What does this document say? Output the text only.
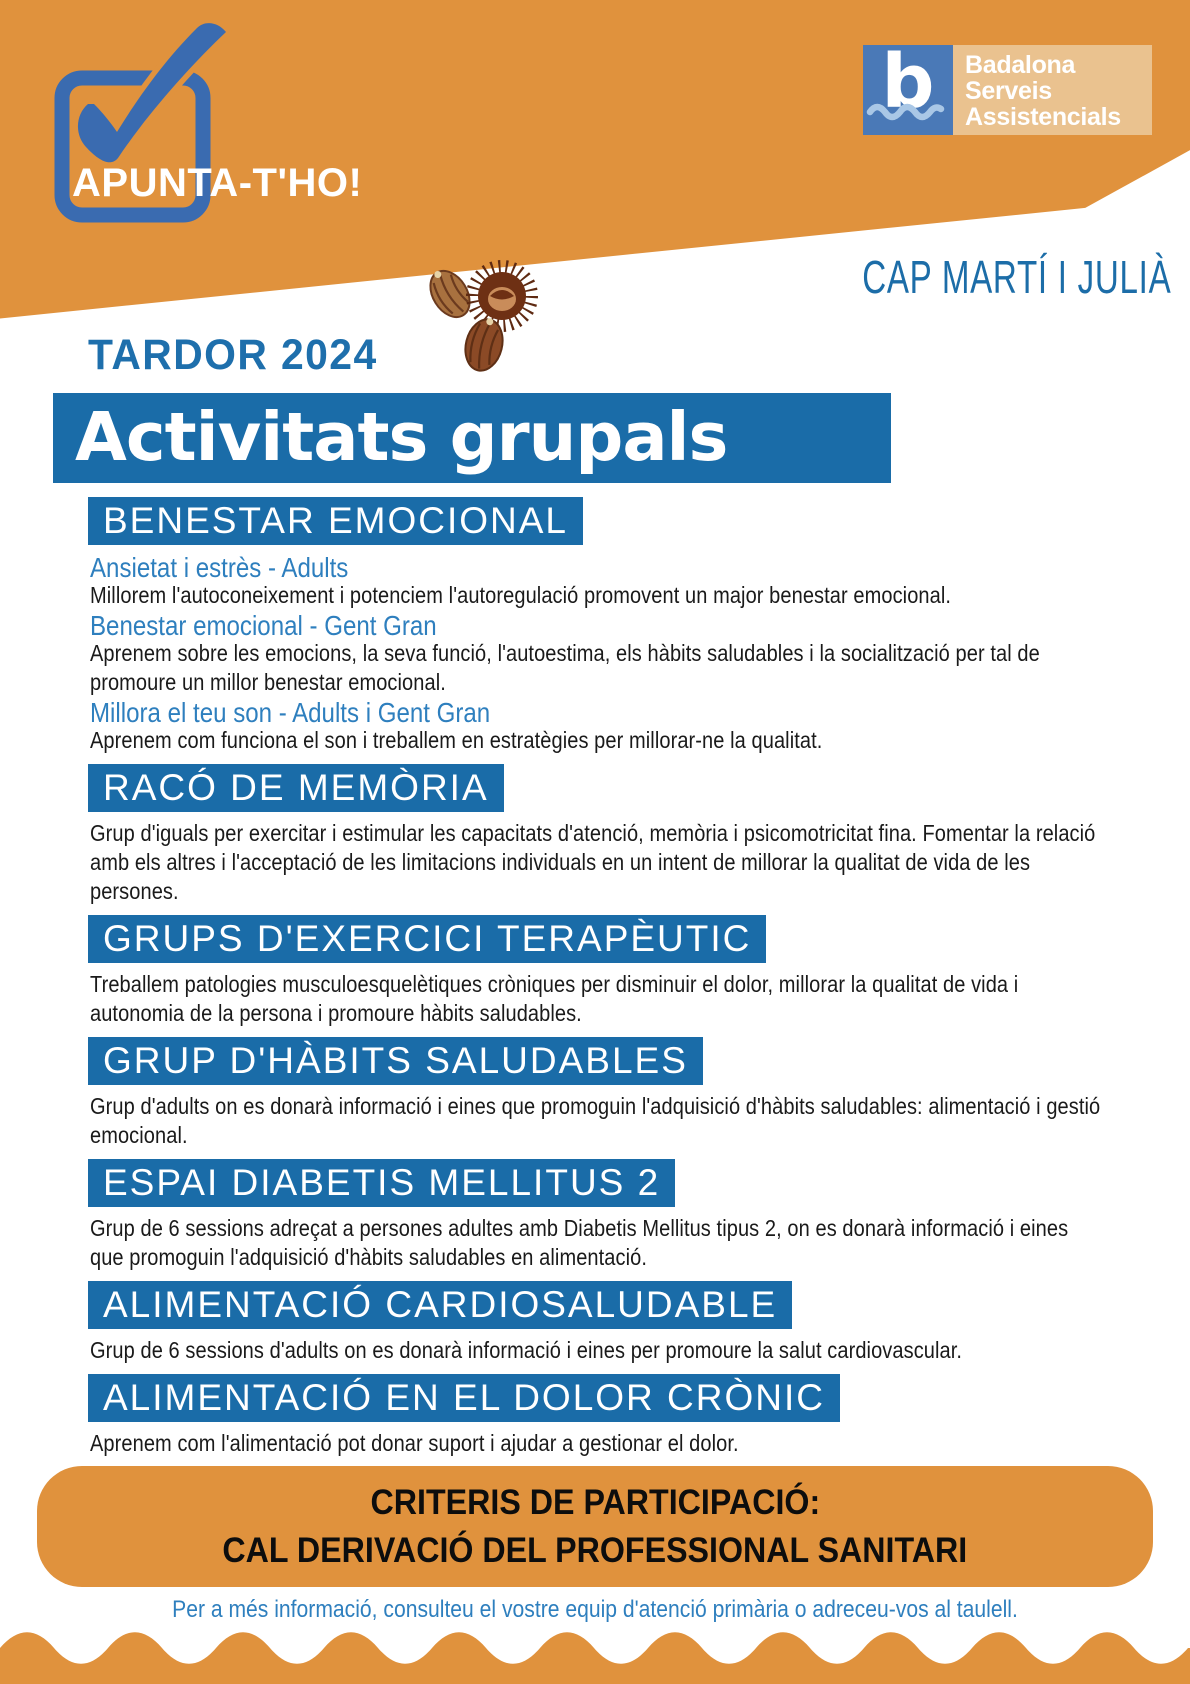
APUNTA-T'HO!
b	Badalona
Serveis
Assistencials
CAP MARTÍ I JULIÀ
TARDOR 2024
Activitats grupals
BENESTAR EMOCIONAL
Ansietat i estrès - Adults
Millorem l'autoconeixement i potenciem l'autoregulació promovent un major benestar emocional.
Benestar emocional - Gent Gran
Aprenem sobre les emocions, la seva funció, l'autoestima, els hàbits saludables i la socialització per tal de promoure un millor benestar emocional.
Millora el teu son - Adults i Gent Gran
Aprenem com funciona el son i treballem en estratègies per millorar-ne la qualitat.
RACÓ DE MEMÒRIA
Grup d'iguals per exercitar i estimular les capacitats d'atenció, memòria i psicomotricitat fina. Fomentar la relació amb els altres i l'acceptació de les limitacions individuals en un intent de millorar la qualitat de vida de les persones.
GRUPS D'EXERCICI TERAPÈUTIC
Treballem patologies musculoesquelètiques cròniques per disminuir el dolor, millorar la qualitat de vida i autonomia de la persona i promoure hàbits saludables.
GRUP D'HÀBITS SALUDABLES
Grup d'adults on es donarà informació i eines que promoguin l'adquisició d'hàbits saludables: alimentació i gestió emocional.
ESPAI DIABETIS MELLITUS 2
Grup de 6 sessions adreçat a persones adultes amb Diabetis Mellitus tipus 2, on es donarà informació i eines que promoguin l'adquisició d'hàbits saludables en alimentació.
ALIMENTACIÓ CARDIOSALUDABLE
Grup de 6 sessions d'adults on es donarà informació i eines per promoure la salut cardiovascular.
ALIMENTACIÓ EN EL DOLOR CRÒNIC
Aprenem com l'alimentació pot donar suport i ajudar a gestionar el dolor.
CRITERIS DE PARTICIPACIÓ:
CAL DERIVACIÓ DEL PROFESSIONAL SANITARI
Per a més informació, consulteu el vostre equip d'atenció primària o adreceu-vos al taulell.
